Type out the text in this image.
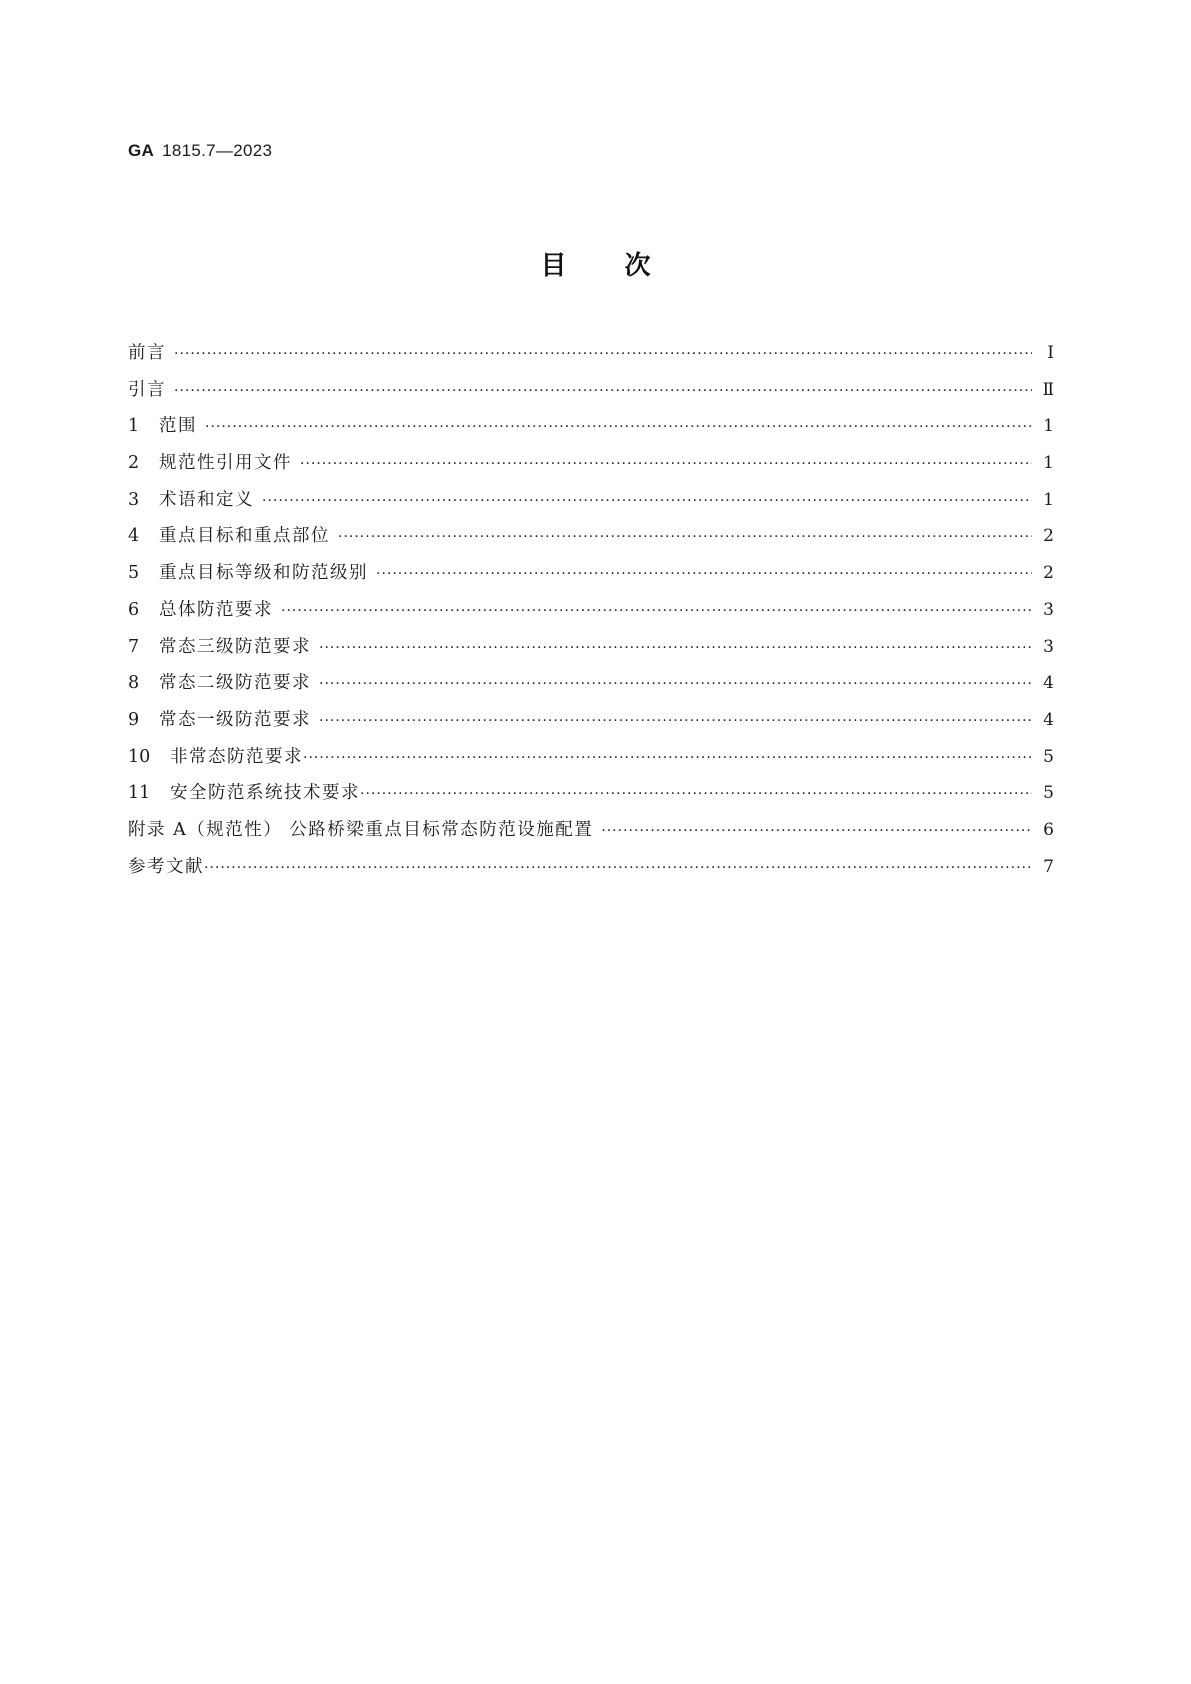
GA 1815.7—2023
目次
前言 ·····	Ⅰ
引言 ·····	Ⅱ
1	范围 ·····	1
2	规范性引用文件 ·····	1
3	术语和定义 ·····	1
4	重点目标和重点部位 ·····	2
5	重点目标等级和防范级别 ·····	2
6	总体防范要求 ·····	3
7	常态三级防范要求 ·····	3
8	常态二级防范要求 ·····	4
9	常态一级防范要求 ·····	4
10	非常态防范要求 ·····	5
11	安全防范系统技术要求 ·····	5
附录 A（规范性） 公路桥梁重点目标常态防范设施配置 ·····	6
参考文献 ·····	7
